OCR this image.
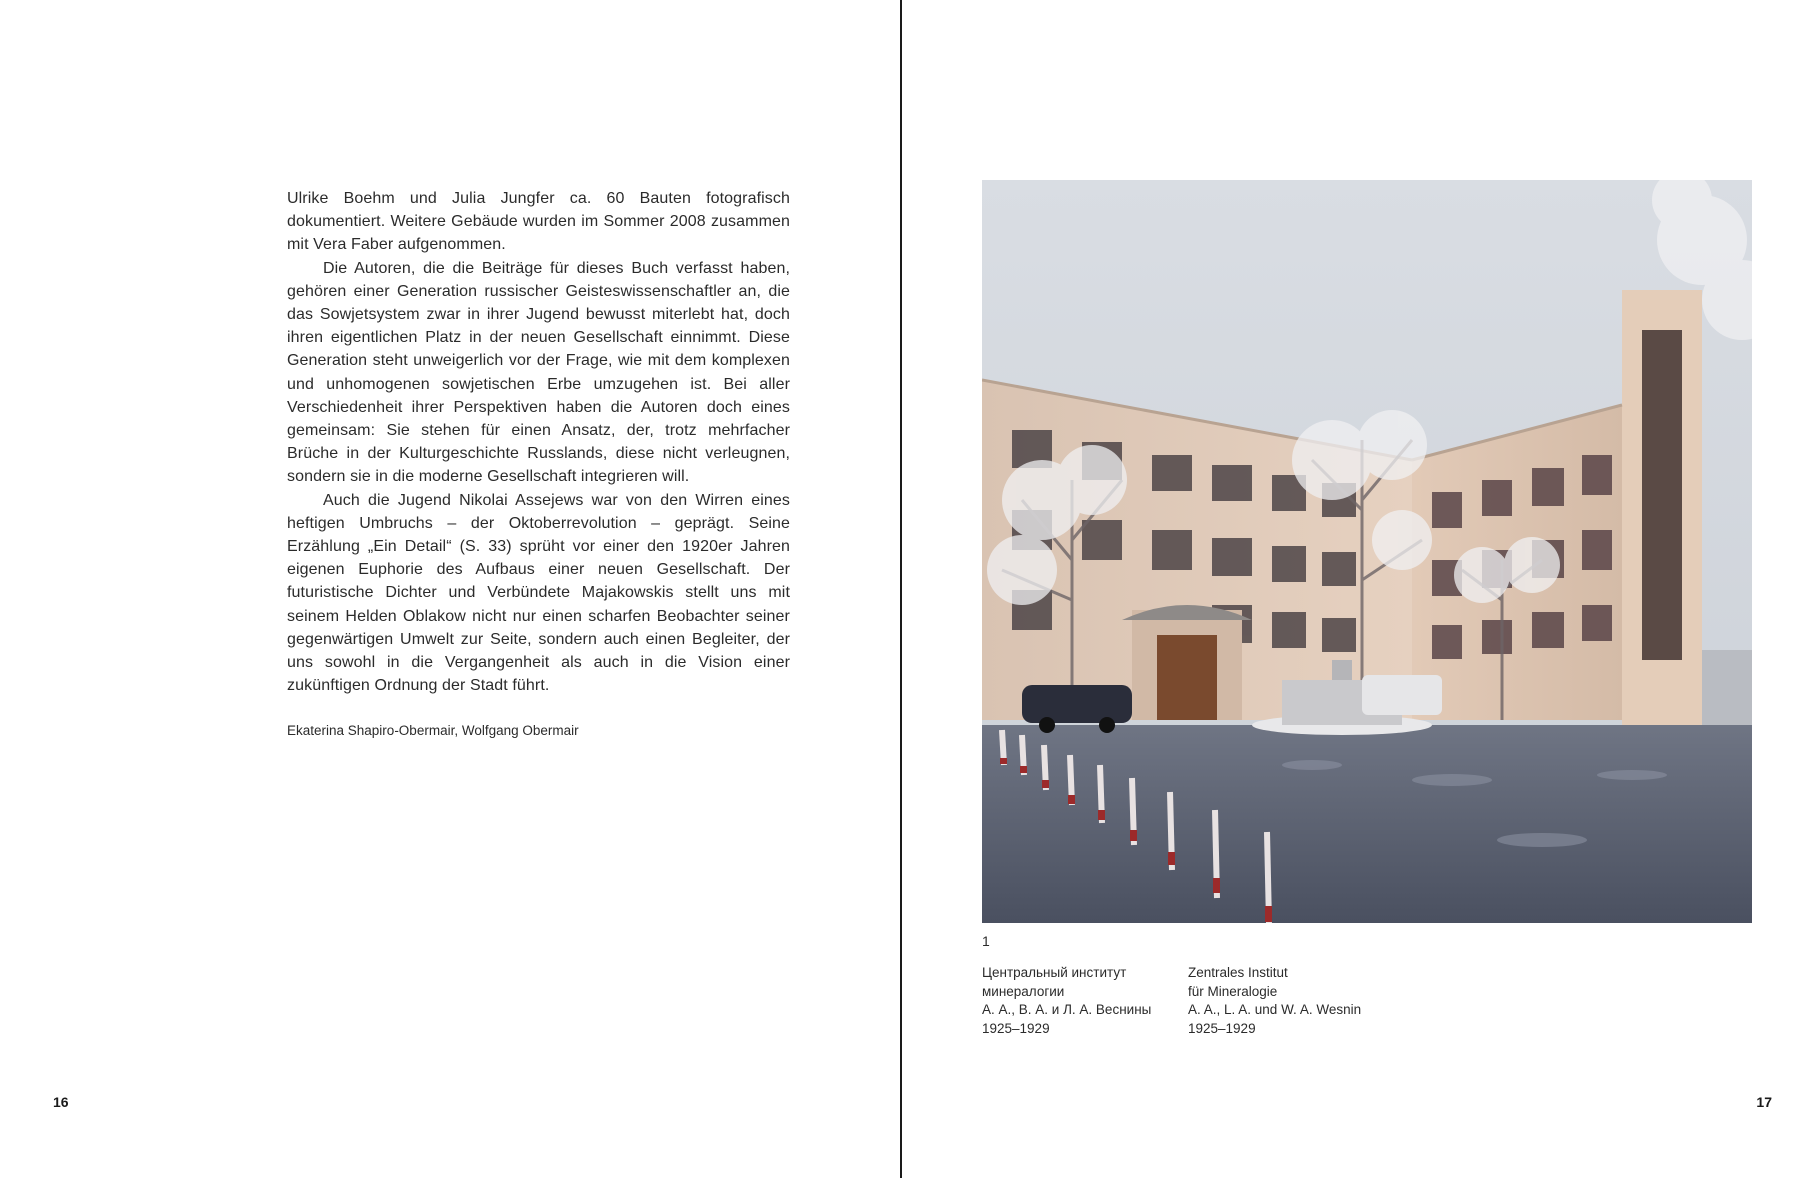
Ulrike Boehm und Julia Jungfer ca. 60 Bauten fotografisch dokumentiert. Weitere Gebäude wurden im Sommer 2008 zusammen mit Vera Faber aufgenommen.

Die Autoren, die die Beiträge für dieses Buch verfasst haben, gehören einer Generation russischer Geisteswissenschaftler an, die das Sowjetsystem zwar in ihrer Jugend bewusst miterlebt hat, doch ihren eigentlichen Platz in der neuen Gesellschaft einnimmt. Diese Generation steht unweigerlich vor der Frage, wie mit dem komplexen und unhomogenen sowjetischen Erbe umzugehen ist. Bei aller Verschiedenheit ihrer Perspektiven haben die Autoren doch eines gemeinsam: Sie stehen für einen Ansatz, der, trotz mehrfacher Brüche in der Kulturgeschichte Russlands, diese nicht verleugnen, sondern sie in die moderne Gesellschaft integrieren will.

Auch die Jugend Nikolai Assejews war von den Wirren eines heftigen Umbruchs – der Oktoberrevolution – geprägt. Seine Erzählung „Ein Detail“ (S. 33) sprüht vor einer den 1920er Jahren eigenen Euphorie des Aufbaus einer neuen Gesellschaft. Der futuristische Dichter und Verbündete Majakowskis stellt uns mit seinem Helden Oblakow nicht nur einen scharfen Beobachter seiner gegenwärtigen Umwelt zur Seite, sondern auch einen Begleiter, der uns sowohl in die Vergangenheit als auch in die Vision einer zukünftigen Ordnung der Stadt führt.

Ekaterina Shapiro-Obermair, Wolfgang Obermair
16
1
Центральный институт
минералогии
А. А., В. А. и Л. А. Веснины
1925–1929
Zentrales Institut
für Mineralogie
A. A., L. A. und W. A. Wesnin
1925–1929
17
